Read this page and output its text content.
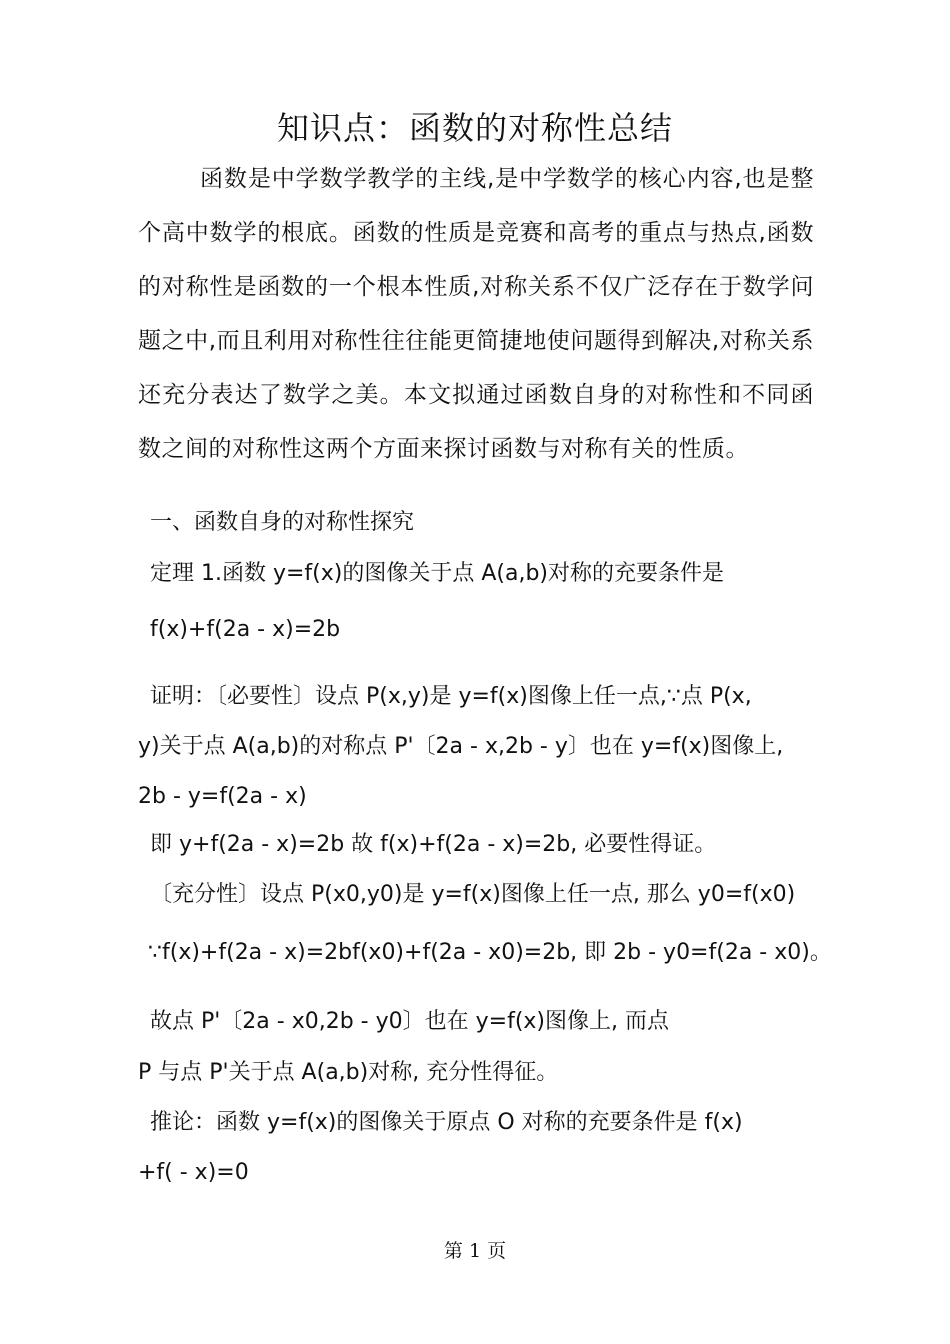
知识点：函数的对称性总结
函数是中学数学教学的主线,是中学数学的核心内容,也是整个高中数学的根底。函数的性质是竞赛和高考的重点与热点,函数的对称性是函数的一个根本性质,对称关系不仅广泛存在于数学问题之中,而且利用对称性往往能更简捷地使问题得到解决,对称关系还充分表达了数学之美。本文拟通过函数自身的对称性和不同函数之间的对称性这两个方面来探讨函数与对称有关的性质。
一、函数自身的对称性探究
定理 1.函数 y=f(x)的图像关于点 A(a,b)对称的充要条件是
f(x)+f(2a - x)=2b
证明：〔必要性〕设点 P(x,y)是 y=f(x)图像上任一点,∵点 P(x,
y)关于点 A(a,b)的对称点 P'〔2a - x,2b - y〕也在 y=f(x)图像上,
2b - y=f(2a - x)
即 y+f(2a - x)=2b 故 f(x)+f(2a - x)=2b, 必要性得证。
〔充分性〕设点 P(x0,y0)是 y=f(x)图像上任一点, 那么 y0=f(x0)
∵f(x)+f(2a - x)=2bf(x0)+f(2a - x0)=2b, 即 2b - y0=f(2a - x0)。
故点 P'〔2a - x0,2b - y0〕也在 y=f(x)图像上, 而点
P 与点 P'关于点 A(a,b)对称, 充分性得征。
推论：函数 y=f(x)的图像关于原点 O 对称的充要条件是 f(x)
+f( - x)=0
第 1 页
